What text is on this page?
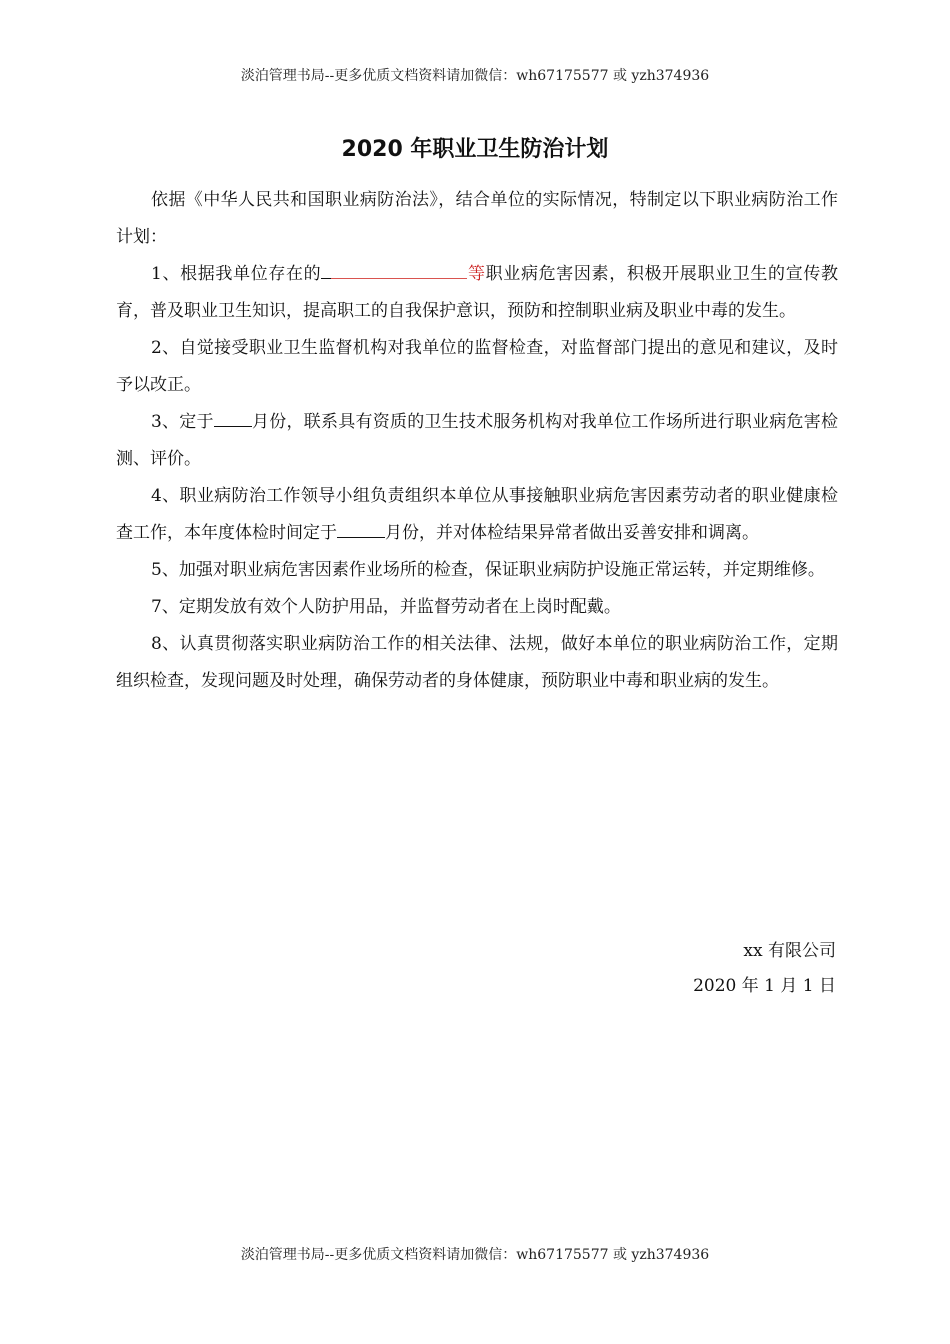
淡泊管理书局--更多优质文档资料请加微信：wh67175577 或 yzh374936
2020 年职业卫生防治计划

依据《中华人民共和国职业病防治法》，结合单位的实际情况，特制定以下职业病防治工作计划：

1、根据我单位存在的	等职业病危害因素，积极开展职业卫生的宣传教育，普及职业卫生知识，提高职工的自我保护意识，预防和控制职业病及职业中毒的发生。

2、自觉接受职业卫生监督机构对我单位的监督检查，对监督部门提出的意见和建议，及时予以改正。

3、定于 月份，联系具有资质的卫生技术服务机构对我单位工作场所进行职业病危害检测、评价。

4、职业病防治工作领导小组负责组织本单位从事接触职业病危害因素劳动者的职业健康检查工作，本年度体检时间定于	月份，并对体检结果异常者做出妥善安排和调离。

5、加强对职业病危害因素作业场所的检查，保证职业病防护设施正常运转，并定期维修。

7、定期发放有效个人防护用品，并监督劳动者在上岗时配戴。

8、认真贯彻落实职业病防治工作的相关法律、法规，做好本单位的职业病防治工作，定期组织检查，发现问题及时处理，确保劳动者的身体健康，预防职业中毒和职业病的发生。

xx 有限公司
2020 年 1 月 1 日
淡泊管理书局--更多优质文档资料请加微信：wh67175577 或 yzh374936
